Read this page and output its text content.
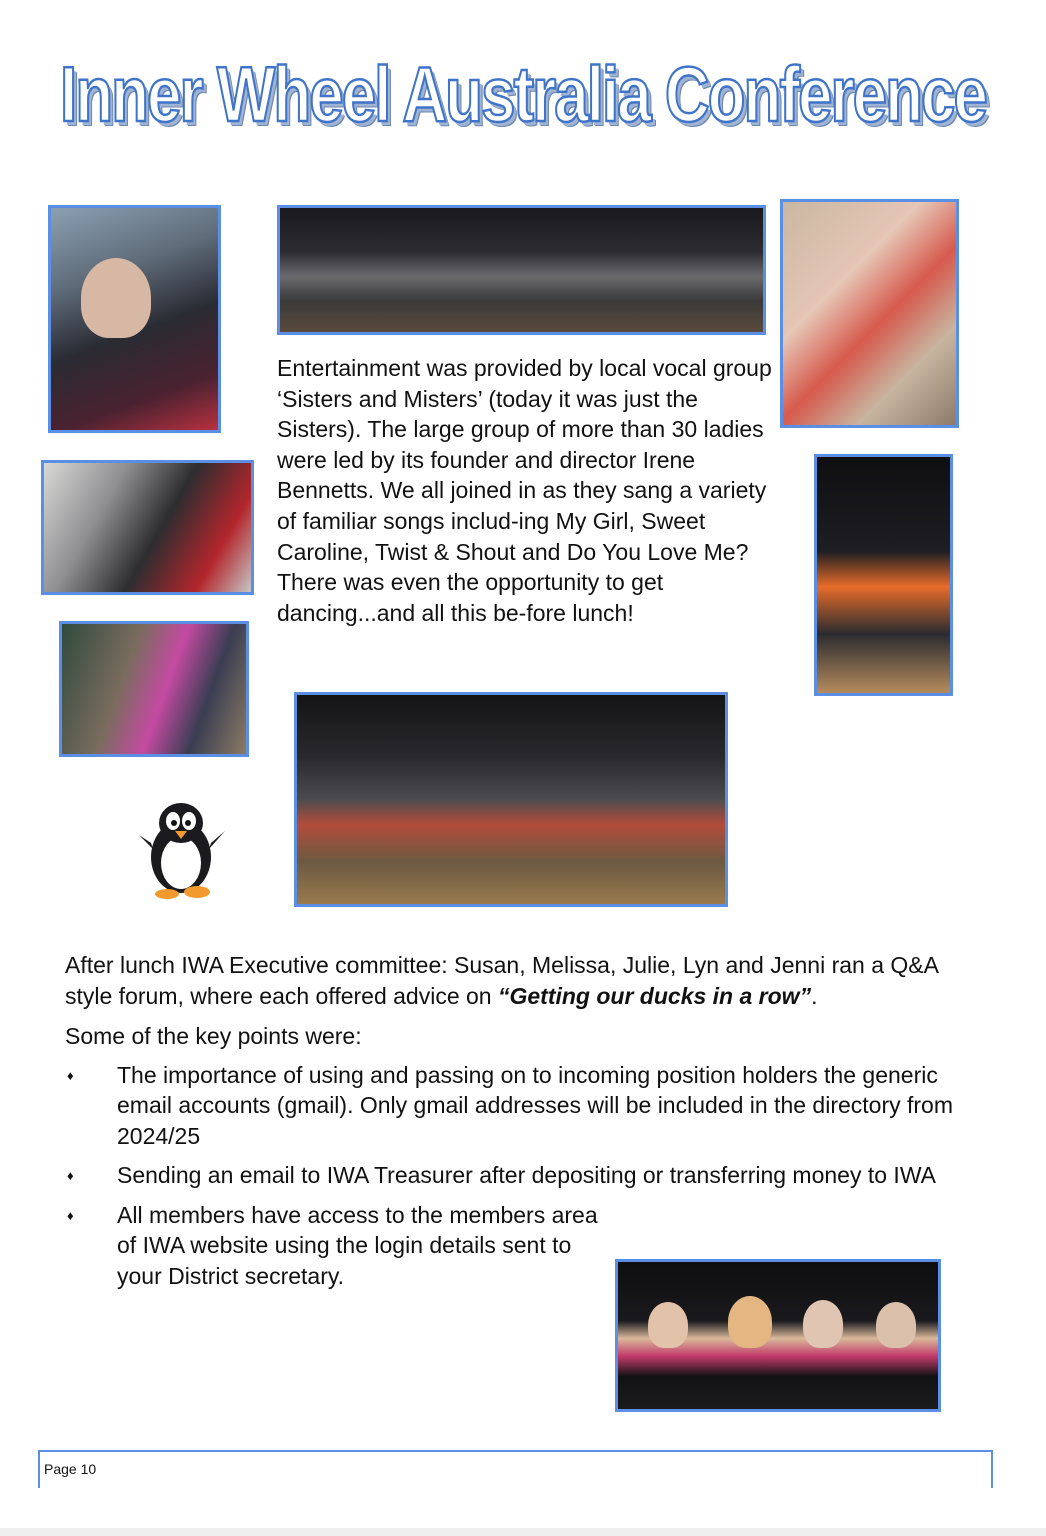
Inner Wheel Australia Conference

Entertainment was provided by local vocal group ‘Sisters and Misters’ (today it was just the Sisters). The large group of more than 30 ladies were led by its founder and director Irene Bennetts. We all joined in as they sang a variety of familiar songs includ-ing My Girl, Sweet Caroline, Twist & Shout and Do You Love Me? There was even the opportunity to get dancing...and all this be-fore lunch!

After lunch IWA Executive committee: Susan, Melissa, Julie, Lyn and Jenni ran a Q&A style forum, where each offered advice on “Getting our ducks in a row”.

Some of the key points were:

♦ The importance of using and passing on to incoming position holders the generic email accounts (gmail). Only gmail addresses will be included in the directory from 2024/25
♦ Sending an email to IWA Treasurer after depositing or transferring money to IWA
♦ All members have access to the members area of IWA website using the login details sent to your District secretary.
Page 10
